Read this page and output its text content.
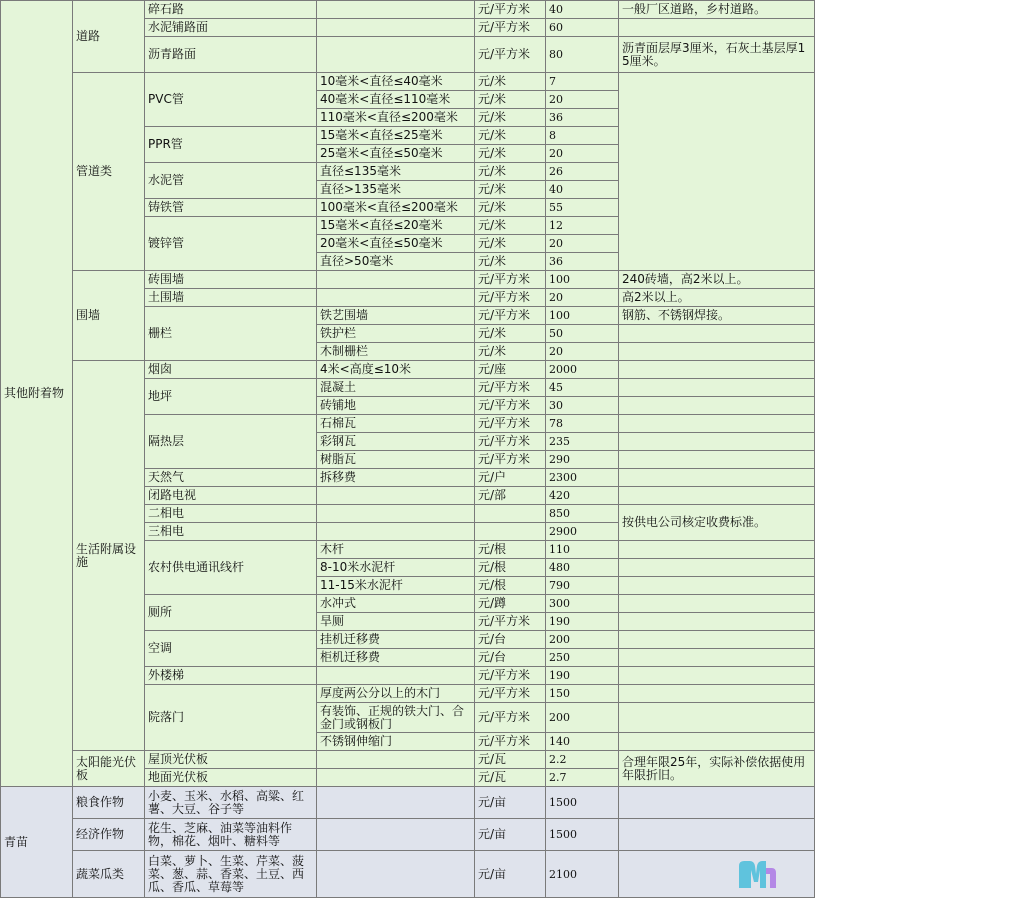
其他附着物	道路	碎石路		元/平方米	40	一般厂区道路，乡村道路。
		水泥铺路面		元/平方米	60	
		沥青路面		元/平方米	80	沥青面层厚3厘米，石灰土基层厚15厘米。
	管道类	PVC管	10毫米<直径≤40毫米	元/米	7	
			40毫米<直径≤110毫米	元/米	20	
			110毫米<直径≤200毫米	元/米	36	
		PPR管	15毫米<直径≤25毫米	元/米	8	
			25毫米<直径≤50毫米	元/米	20	
		水泥管	直径≤135毫米	元/米	26	
			直径>135毫米	元/米	40	
		铸铁管	100毫米<直径≤200毫米	元/米	55	
		镀锌管	15毫米<直径≤20毫米	元/米	12	
			20毫米<直径≤50毫米	元/米	20	
			直径>50毫米	元/米	36	
	围墙	砖围墙		元/平方米	100	240砖墙，高2米以上。
		土围墙		元/平方米	20	高2米以上。
		栅栏	铁艺围墙	元/平方米	100	钢筋、不锈钢焊接。
			铁护栏	元/米	50	
			木制栅栏	元/米	20	
	生活附属设施	烟囱	4米<高度≤10米	元/座	2000	
		地坪	混凝土	元/平方米	45	
			砖铺地	元/平方米	30	
		隔热层	石棉瓦	元/平方米	78	
			彩钢瓦	元/平方米	235	
			树脂瓦	元/平方米	290	
		天然气	拆移费	元/户	2300	
		闭路电视		元/部	420	
		二相电			850	按供电公司核定收费标准。
		三相电			2900	
		农村供电通讯线杆	木杆	元/根	110	
			8-10米水泥杆	元/根	480	
			11-15米水泥杆	元/根	790	
		厕所	水冲式	元/蹲	300	
			旱厕	元/平方米	190	
		空调	挂机迁移费	元/台	200	
			柜机迁移费	元/台	250	
		外楼梯		元/平方米	190	
		院落门	厚度两公分以上的木门	元/平方米	150	
			有装饰、正规的铁大门、合金门或钢板门	元/平方米	200	
			不锈钢伸缩门	元/平方米	140	
	太阳能光伏板	屋顶光伏板		元/瓦	2.2	合理年限25年，实际补偿依据使用年限折旧。
		地面光伏板		元/瓦	2.7	
青苗	粮食作物	小麦、玉米、水稻、高粱、红薯、大豆、谷子等		元/亩	1500	
	经济作物	花生、芝麻、油菜等油料作物，棉花、烟叶、糖料等		元/亩	1500	
	蔬菜瓜类	白菜、萝卜、生菜、芹菜、菠菜、葱、蒜、香菜、土豆、西瓜、香瓜、草莓等		元/亩	2100	
